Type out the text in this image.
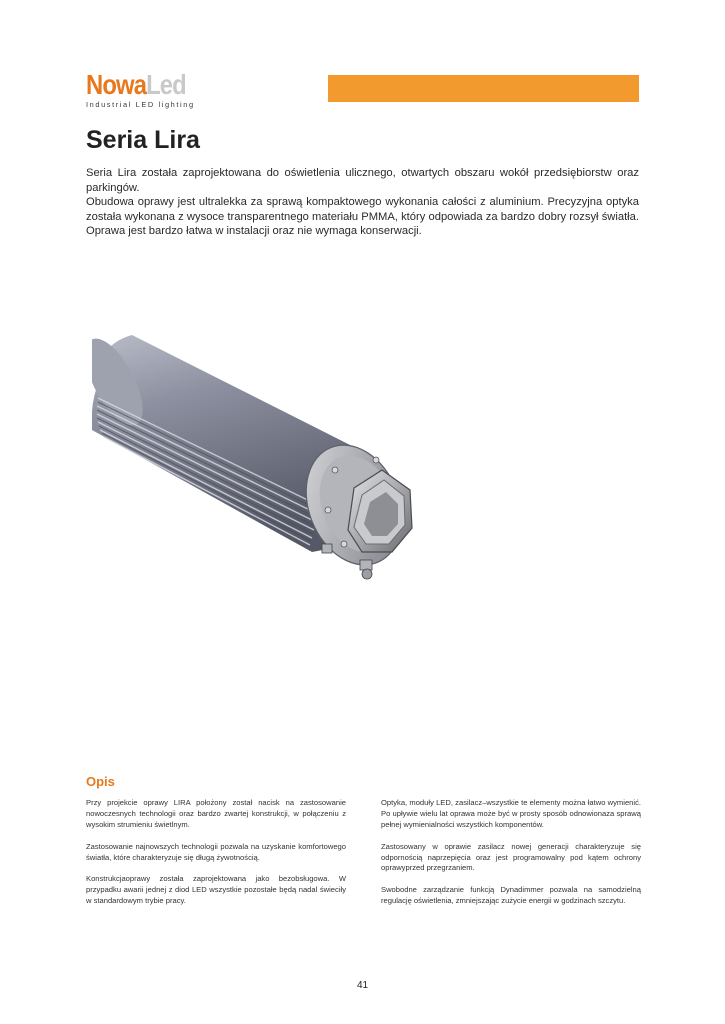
NowaLed
Industrial LED lighting
Seria Lira

Seria Lira została zaprojektowana do oświetlenia ulicznego, otwartych obszaru wokół przedsiębiorstw oraz parkingów.

Obudowa oprawy jest ultralekka za sprawą kompaktowego wykonania całości z aluminium. Precyzyjna optyka została wykonana z wysoce transparentnego materiału PMMA, który odpowiada za bardzo dobry rozsył światła. Oprawa jest bardzo łatwa w instalacji oraz nie wymaga konserwacji.

Opis

Przy projekcie oprawy LIRA położony został nacisk na zastosowanie nowoczesnych technologii oraz bardzo zwartej konstrukcji, w połączeniu z wysokim strumieniu świetlnym.

Zastosowanie najnowszych technologii pozwala na uzyskanie komfortowego światła, które charakteryzuje się długą żywotnością.

Konstrukcjaoprawy została zaprojektowana jako bezobsługowa. W przypadku awarii jednej z diod LED wszystkie pozostałe będą nadal świeciły w standardowym trybie pracy.

Optyka, moduły LED, zasilacz–wszystkie te elementy można łatwo wymienić. Po upływie wielu lat oprawa może być w prosty sposób odnowionaza sprawą pełnej wymienialności wszystkich komponentów.

Zastosowany w oprawie zasilacz nowej generacji charakteryzuje się odpornością naprzepięcia oraz jest programowalny pod kątem ochrony oprawyprzed przegrzaniem.

Swobodne zarządzanie funkcją Dynadimmer pozwala na samodzielną regulację oświetlenia, zmniejszając zużycie energii w godzinach szczytu.

41
